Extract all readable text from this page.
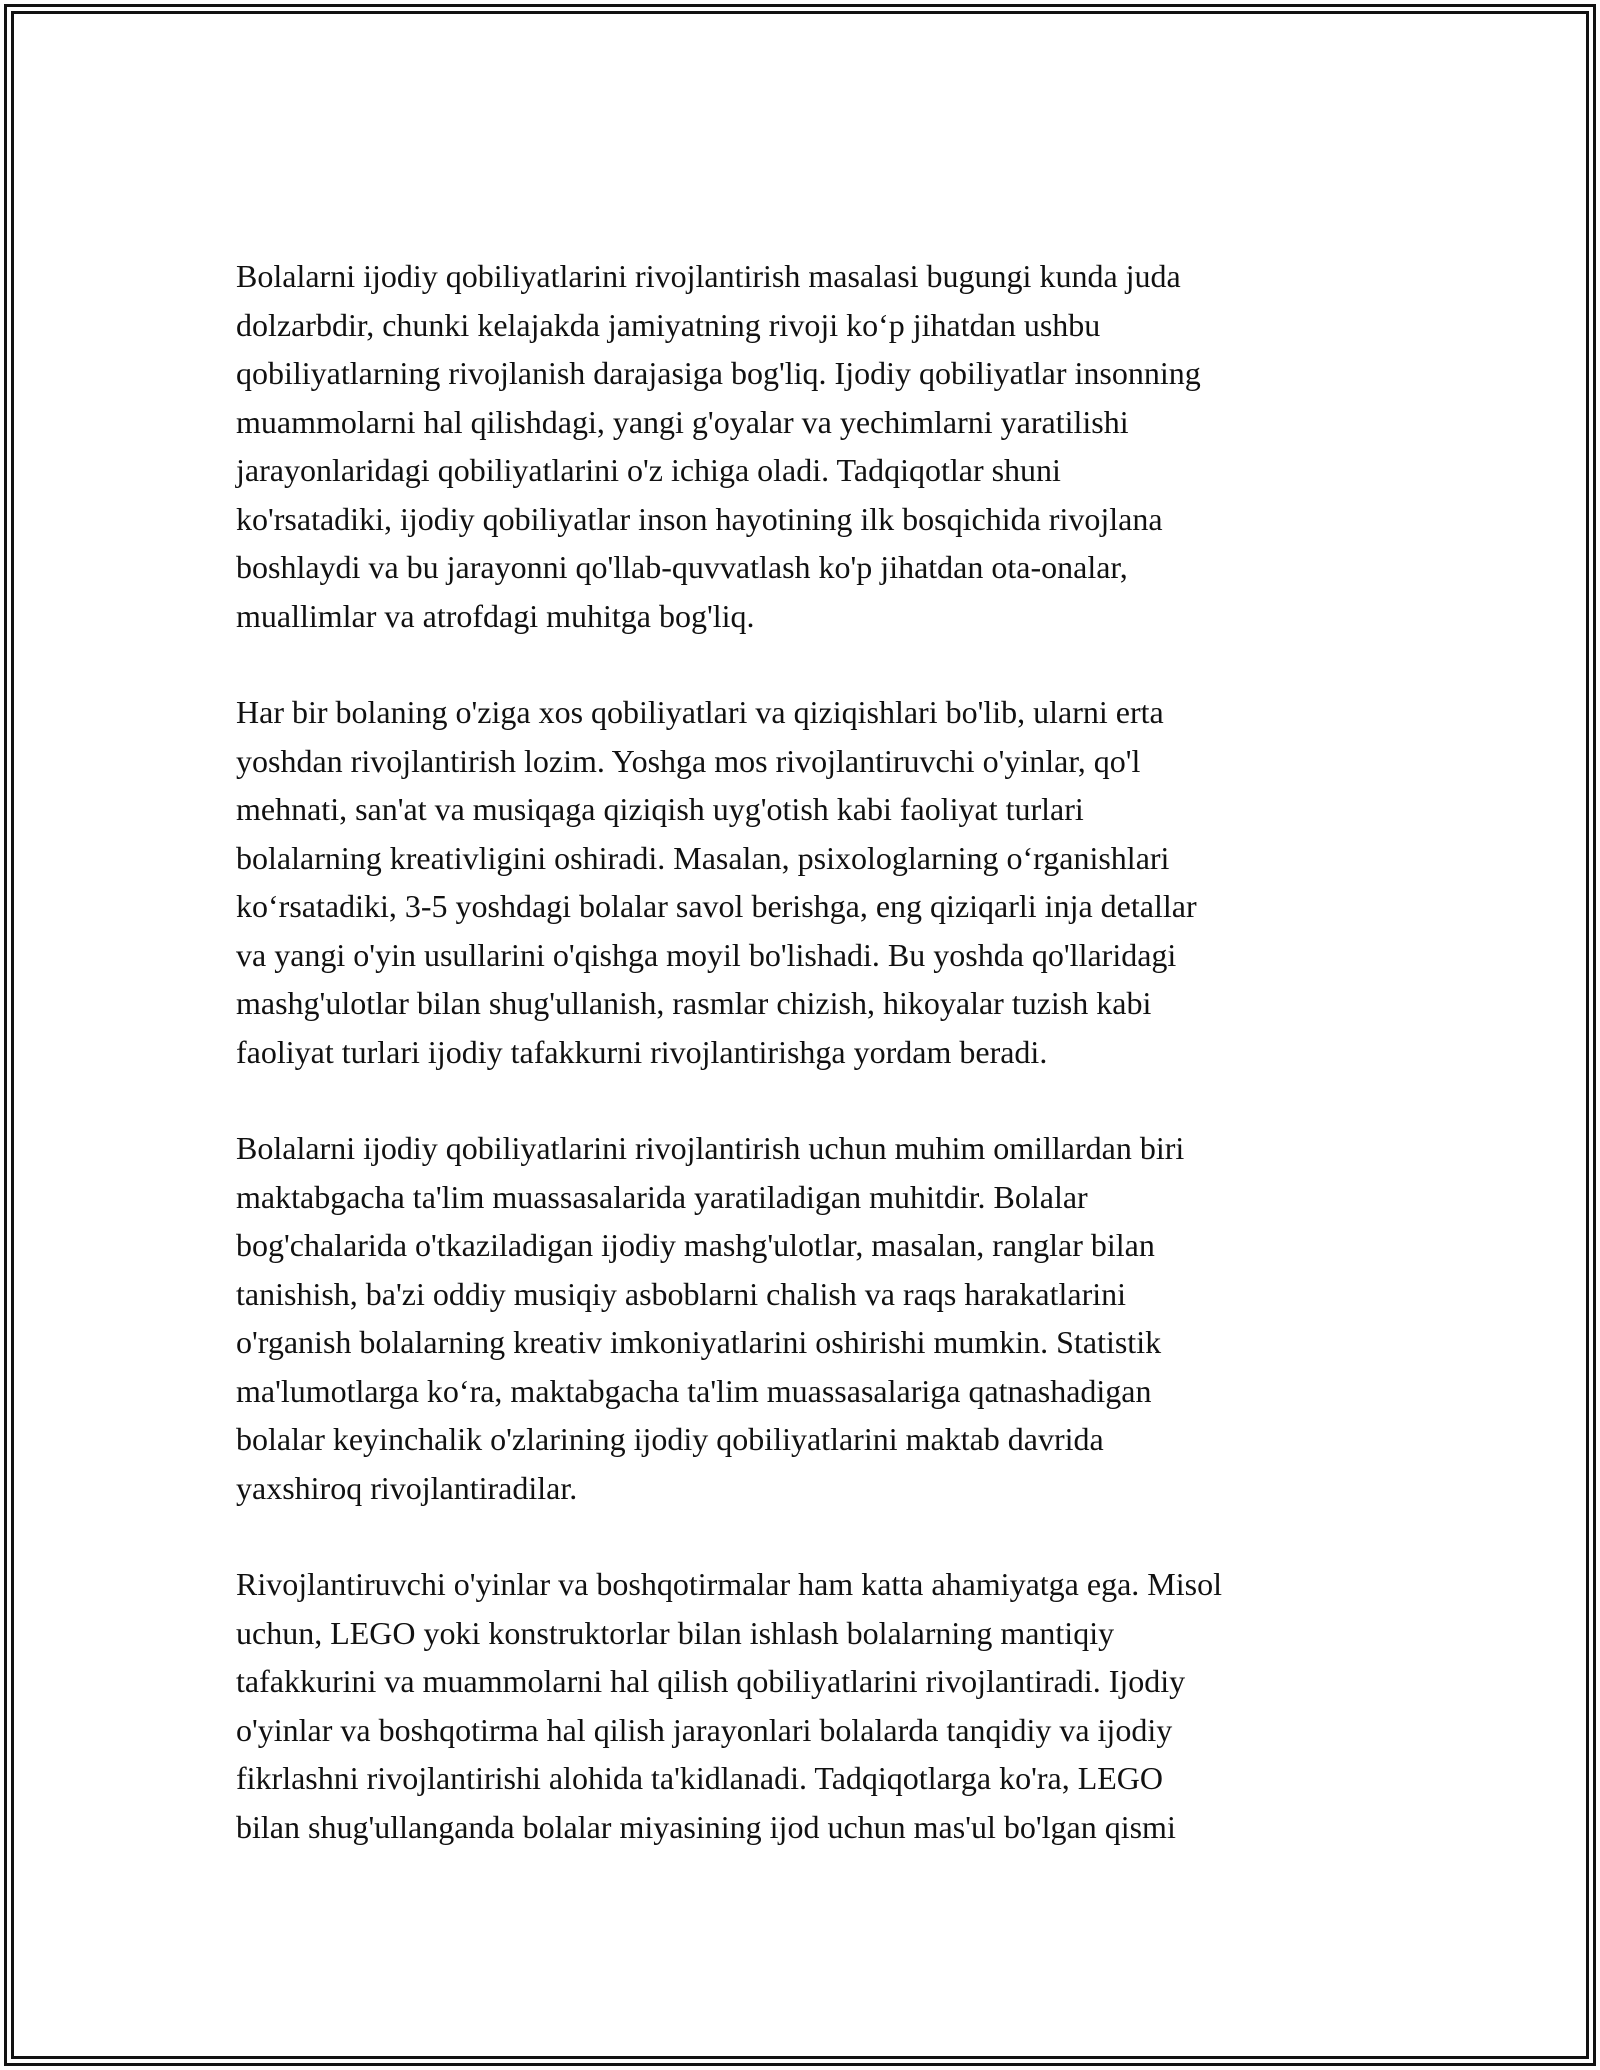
Bolalarni ijodiy qobiliyatlarini rivojlantirish masalasi bugungi kunda juda
dolzarbdir, chunki kelajakda jamiyatning rivoji koʻp jihatdan ushbu
qobiliyatlarning rivojlanish darajasiga bog'liq. Ijodiy qobiliyatlar insonning
muammolarni hal qilishdagi, yangi g'oyalar va yechimlarni yaratilishi
jarayonlaridagi qobiliyatlarini o'z ichiga oladi. Tadqiqotlar shuni
ko'rsatadiki, ijodiy qobiliyatlar inson hayotining ilk bosqichida rivojlana
boshlaydi va bu jarayonni qo'llab-quvvatlash ko'p jihatdan ota-onalar,
muallimlar va atrofdagi muhitga bog'liq.

Har bir bolaning o'ziga xos qobiliyatlari va qiziqishlari bo'lib, ularni erta
yoshdan rivojlantirish lozim. Yoshga mos rivojlantiruvchi o'yinlar, qo'l
mehnati, san'at va musiqaga qiziqish uyg'otish kabi faoliyat turlari
bolalarning kreativligini oshiradi. Masalan, psixologlarning oʻrganishlari
koʻrsatadiki, 3-5 yoshdagi bolalar savol berishga, eng qiziqarli inja detallar
va yangi o'yin usullarini o'qishga moyil bo'lishadi. Bu yoshda qo'llaridagi
mashg'ulotlar bilan shug'ullanish, rasmlar chizish, hikoyalar tuzish kabi
faoliyat turlari ijodiy tafakkurni rivojlantirishga yordam beradi.

Bolalarni ijodiy qobiliyatlarini rivojlantirish uchun muhim omillardan biri
maktabgacha ta'lim muassasalarida yaratiladigan muhitdir. Bolalar
bog'chalarida o'tkaziladigan ijodiy mashg'ulotlar, masalan, ranglar bilan
tanishish, ba'zi oddiy musiqiy asboblarni chalish va raqs harakatlarini
o'rganish bolalarning kreativ imkoniyatlarini oshirishi mumkin. Statistik
ma'lumotlarga koʻra, maktabgacha ta'lim muassasalariga qatnashadigan
bolalar keyinchalik o'zlarining ijodiy qobiliyatlarini maktab davrida
yaxshiroq rivojlantiradilar.

Rivojlantiruvchi o'yinlar va boshqotirmalar ham katta ahamiyatga ega. Misol
uchun, LEGO yoki konstruktorlar bilan ishlash bolalarning mantiqiy
tafakkurini va muammolarni hal qilish qobiliyatlarini rivojlantiradi. Ijodiy
o'yinlar va boshqotirma hal qilish jarayonlari bolalarda tanqidiy va ijodiy
fikrlashni rivojlantirishi alohida ta'kidlanadi. Tadqiqotlarga ko'ra, LEGO
bilan shug'ullanganda bolalar miyasining ijod uchun mas'ul bo'lgan qismi
